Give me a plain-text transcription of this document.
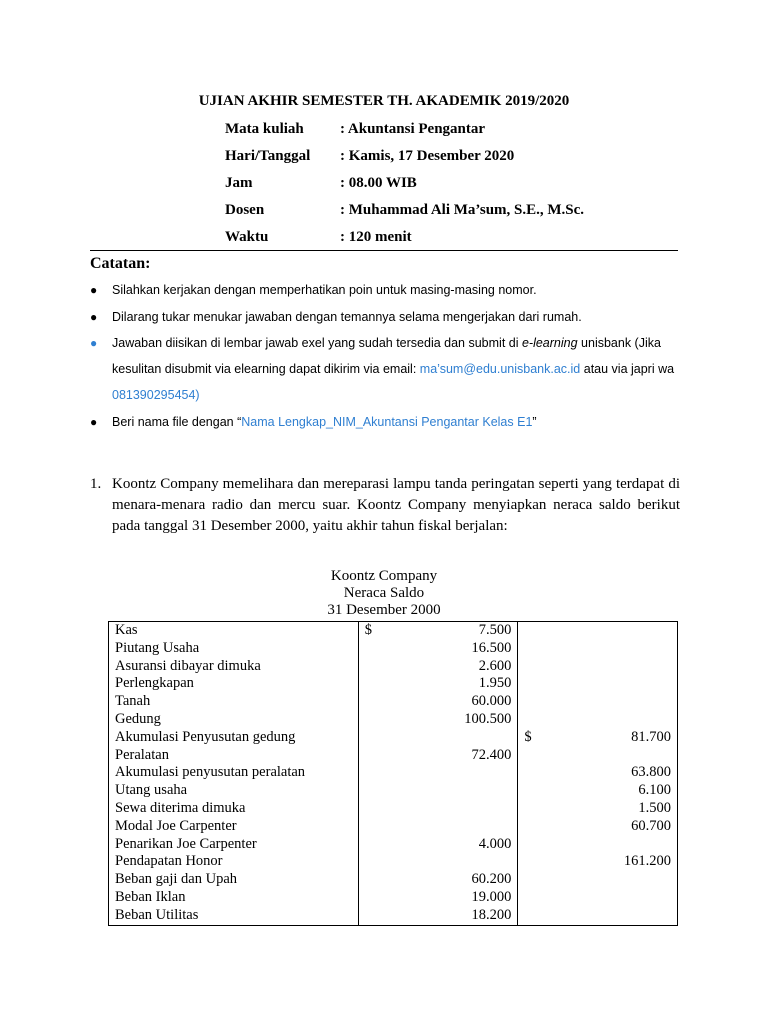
UJIAN AKHIR SEMESTER TH. AKADEMIK 2019/2020
Mata kuliah : Akuntansi Pengantar
Hari/Tanggal : Kamis, 17 Desember 2020
Jam	: 08.00 WIB
Dosen	: Muhammad Ali Ma’sum, S.E., M.Sc.
Waktu	: 120 menit
Catatan:
● Silahkan kerjakan dengan memperhatikan poin untuk masing-masing nomor.
● Dilarang tukar menukar jawaban dengan temannya selama mengerjakan dari rumah.
● Jawaban diisikan di lembar jawab exel yang sudah tersedia dan submit di e-learning unisbank (Jika kesulitan disubmit via elearning dapat dikirim via email: ma’sum@edu.unisbank.ac.id atau via japri wa 081390295454)
● Beri nama file dengan “Nama Lengkap_NIM_Akuntansi Pengantar Kelas E1”
1. Koontz Company memelihara dan mereparasi lampu tanda peringatan seperti yang terdapat di menara-menara radio dan mercu suar. Koontz Company menyiapkan neraca saldo berikut pada tanggal 31 Desember 2000, yaitu akhir tahun fiskal berjalan:
Koontz Company
Neraca Saldo
31 Desember 2000
Kas	$ 7.500	

Piutang Usaha	16.500	

Asuransi dibayar dimuka	2.600	

Perlengkapan	1.950	

Tanah	60.000	

Gedung	100.500	

Akumulasi Penyusutan gedung		$ 81.700

Peralatan	72.400	

Akumulasi penyusutan peralatan		63.800

Utang usaha		6.100

Sewa diterima dimuka		1.500

Modal Joe Carpenter		60.700

Penarikan Joe Carpenter	4.000	

Pendapatan Honor		161.200

Beban gaji dan Upah	60.200	

Beban Iklan	19.000	

Beban Utilitas	18.200	
